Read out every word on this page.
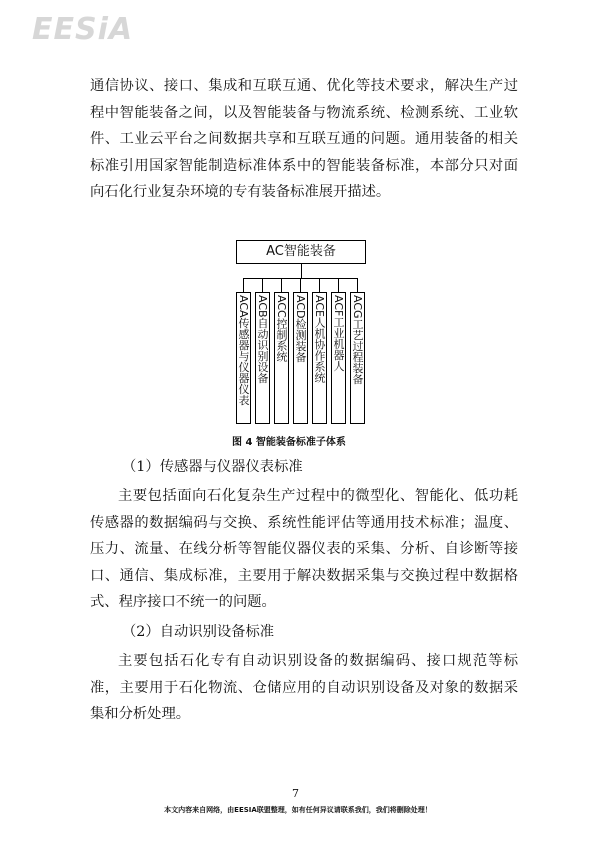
EESiA
通信协议、接口、集成和互联互通、优化等技术要求，解决生产过程中智能装备之间，以及智能装备与物流系统、检测系统、工业软件、工业云平台之间数据共享和互联互通的问题。通用装备的相关标准引用国家智能制造标准体系中的智能装备标准，本部分只对面向石化行业复杂环境的专有装备标准展开描述。
AC智能装备
ACA传感器与仪器仪表 ACB自动识别设备 ACC控制系统 ACD检测装备 ACE人机协作系统 ACF工业机器人 ACG工艺过程装备
图 4 智能装备标准子体系
（1）传感器与仪器仪表标准
主要包括面向石化复杂生产过程中的微型化、智能化、低功耗传感器的数据编码与交换、系统性能评估等通用技术标准；温度、压力、流量、在线分析等智能仪器仪表的采集、分析、自诊断等接口、通信、集成标准，主要用于解决数据采集与交换过程中数据格式、程序接口不统一的问题。
（2）自动识别设备标准
主要包括石化专有自动识别设备的数据编码、接口规范等标准，主要用于石化物流、仓储应用的自动识别设备及对象的数据采集和分析处理。
7
本文内容来自网络，由EESIA联盟整理，如有任何异议请联系我们，我们将删除处理！
